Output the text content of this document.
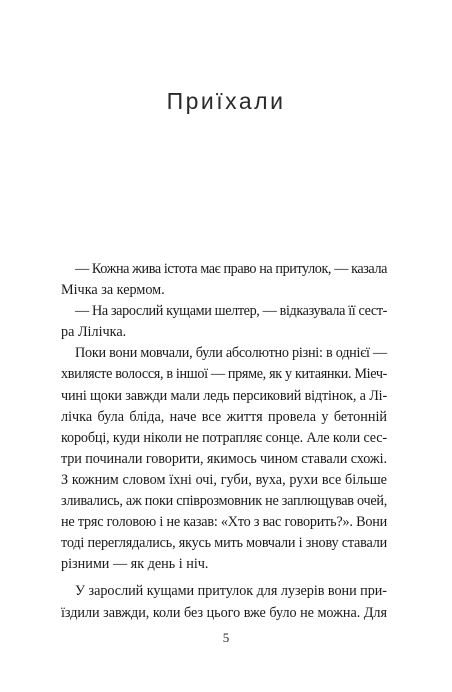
Приїхали

— Кожна жива істота має право на притулок, — казала
Мічка за кермом.

— На зарослий кущами шелтер, — відказувала її сест-
ра Лілічка.

Поки вони мовчали, були абсолютно різні: в однієї —
хвилясте волосся, в іншої — пряме, як у китаянки. Міеч-
чині щоки завжди мали ледь персиковий відтінок, а Лі-
лічка була бліда, наче все життя провела у бетонній
коробці, куди ніколи не потрапляє сонце. Але коли сес-
три починали говорити, якимось чином ставали схожі.
З кожним словом їхні очі, губи, вуха, рухи все більше
зливались, аж поки співрозмовник не заплющував очей,
не тряс головою і не казав: «Хто з вас говорить?». Вони
тоді переглядались, якусь мить мовчали і знову ставали
різними — як день і ніч.

У зарослий кущами притулок для лузерів вони при-
їздили завжди, коли без цього вже було не можна. Для

5
